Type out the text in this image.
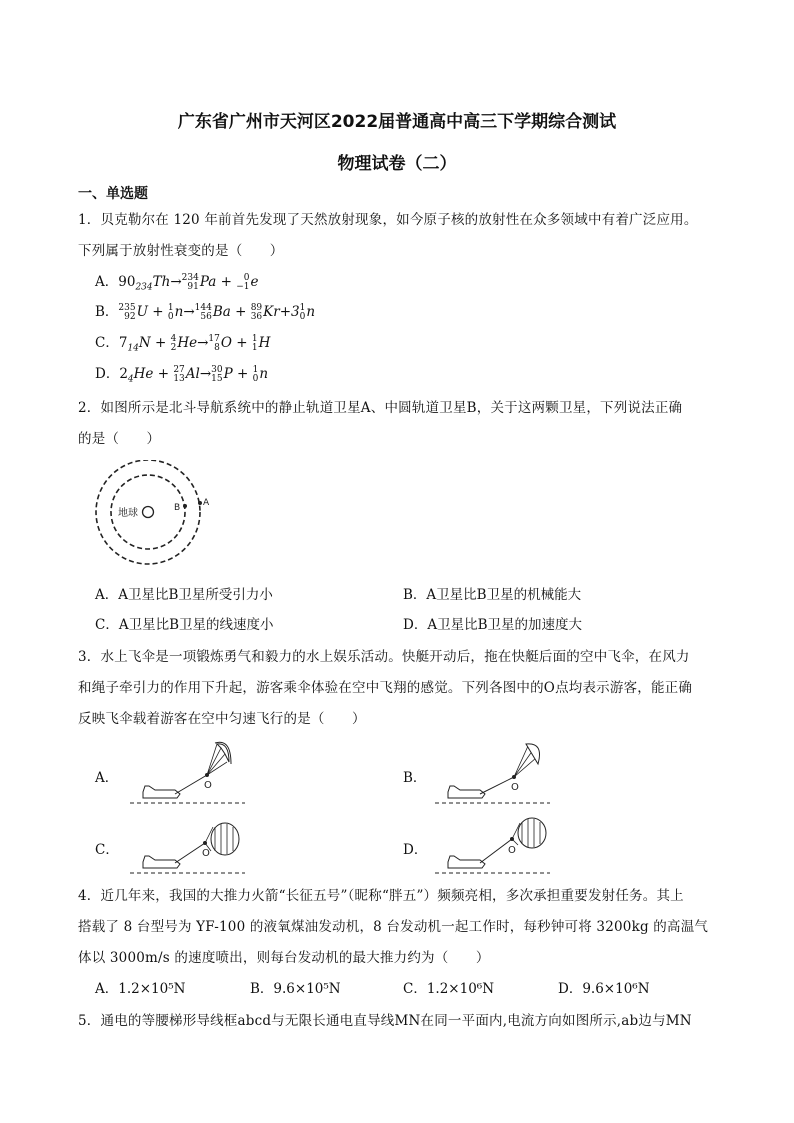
广东省广州市天河区2022届普通高中高三下学期综合测试
物理试卷（二）
一、单选题
1．贝克勒尔在 120 年前首先发现了天然放射现象，如今原子核的放射性在众多领域中有着广泛应用。
下列属于放射性衰变的是（　　）
A．$90_{234}Th\to 234$
91Pa + 0
−1e
B．235
92U + 1
0n→144
56Ba + 89
36Kr+31
0n
C．$7_{14}N + 4$
2He→17
8O + 1
1H
D．$2_4He + 27$
13Al→30
15P + 1
0n
2．如图所示是北斗导航系统中的静止轨道卫星A、中圆轨道卫星B，关于这两颗卫星，下列说法正确
的是（　　）
地球	B	A
A．A卫星比B卫星所受引力小	B．A卫星比B卫星的机械能大
C．A卫星比B卫星的线速度小	D．A卫星比B卫星的加速度大
3．水上飞伞是一项锻炼勇气和毅力的水上娱乐活动。快艇开动后，拖在快艇后面的空中飞伞，在风力
和绳子牵引力的作用下升起，游客乘伞体验在空中飞翔的感觉。下列各图中的O点均表示游客，能正确
反映飞伞载着游客在空中匀速飞行的是（　　）
A．	B．
C．	D．
O	O
O	O
4．近几年来，我国的大推力火箭“长征五号”（昵称“胖五”）频频亮相，多次承担重要发射任务。其上
搭载了 8 台型号为 YF-100 的液氧煤油发动机，8 台发动机一起工作时，每秒钟可将 3200kg 的高温气
体以 3000m/s 的速度喷出，则每台发动机的最大推力约为（　　）
A．1.2×10⁵N	B．9.6×10⁵N	C．1.2×10⁶N	D．9.6×10⁶N
5．通电的等腰梯形导线框abcd与无限长通电直导线MN在同一平面内,电流方向如图所示,ab边与MN
